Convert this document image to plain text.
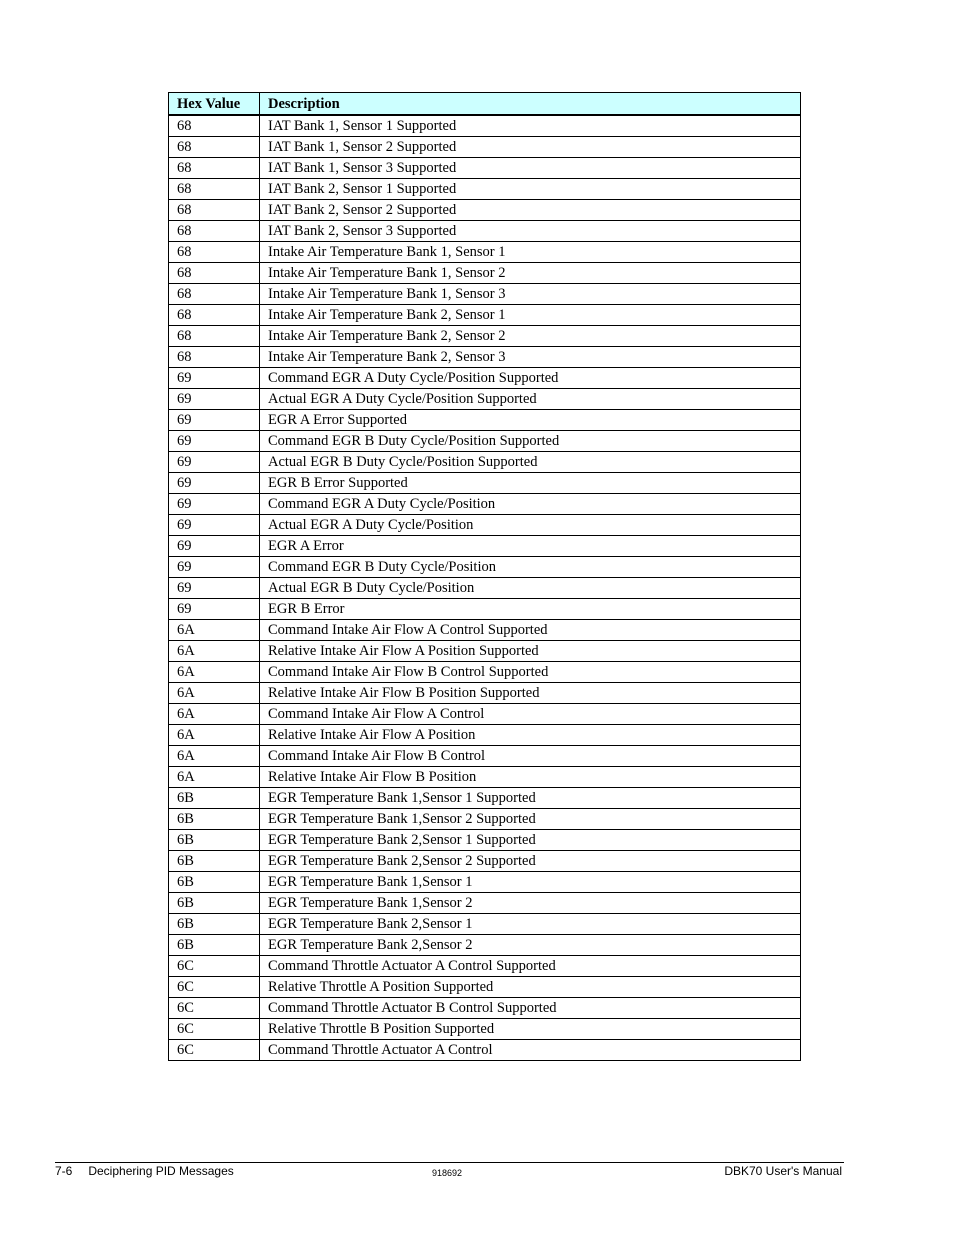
Hex Value	Description
68	IAT Bank 1, Sensor 1 Supported
68	IAT Bank 1, Sensor 2 Supported
68	IAT Bank 1, Sensor 3 Supported
68	IAT Bank 2, Sensor 1 Supported
68	IAT Bank 2, Sensor 2 Supported
68	IAT Bank 2, Sensor 3 Supported
68	Intake Air Temperature Bank 1, Sensor 1
68	Intake Air Temperature Bank 1, Sensor 2
68	Intake Air Temperature Bank 1, Sensor 3
68	Intake Air Temperature Bank 2, Sensor 1
68	Intake Air Temperature Bank 2, Sensor 2
68	Intake Air Temperature Bank 2, Sensor 3
69	Command EGR A Duty Cycle/Position Supported
69	Actual EGR A Duty Cycle/Position Supported
69	EGR A Error Supported
69	Command EGR B Duty Cycle/Position Supported
69	Actual EGR B Duty Cycle/Position Supported
69	EGR B Error Supported
69	Command EGR A Duty Cycle/Position
69	Actual EGR A Duty Cycle/Position
69	EGR A Error
69	Command EGR B Duty Cycle/Position
69	Actual EGR B Duty Cycle/Position
69	EGR B Error
6A	Command Intake Air Flow A Control Supported
6A	Relative Intake Air Flow A Position Supported
6A	Command Intake Air Flow B Control Supported
6A	Relative Intake Air Flow B Position Supported
6A	Command Intake Air Flow A Control
6A	Relative Intake Air Flow A Position
6A	Command Intake Air Flow B Control
6A	Relative Intake Air Flow B Position
6B	EGR Temperature Bank 1,Sensor 1 Supported
6B	EGR Temperature Bank 1,Sensor 2 Supported
6B	EGR Temperature Bank 2,Sensor 1 Supported
6B	EGR Temperature Bank 2,Sensor 2 Supported
6B	EGR Temperature Bank 1,Sensor 1
6B	EGR Temperature Bank 1,Sensor 2
6B	EGR Temperature Bank 2,Sensor 1
6B	EGR Temperature Bank 2,Sensor 2
6C	Command Throttle Actuator A Control Supported
6C	Relative Throttle A Position Supported
6C	Command Throttle Actuator B Control Supported
6C	Relative Throttle B Position Supported
6C	Command Throttle Actuator A Control
7-6 Deciphering PID Messages	918692	DBK70 User's Manual
